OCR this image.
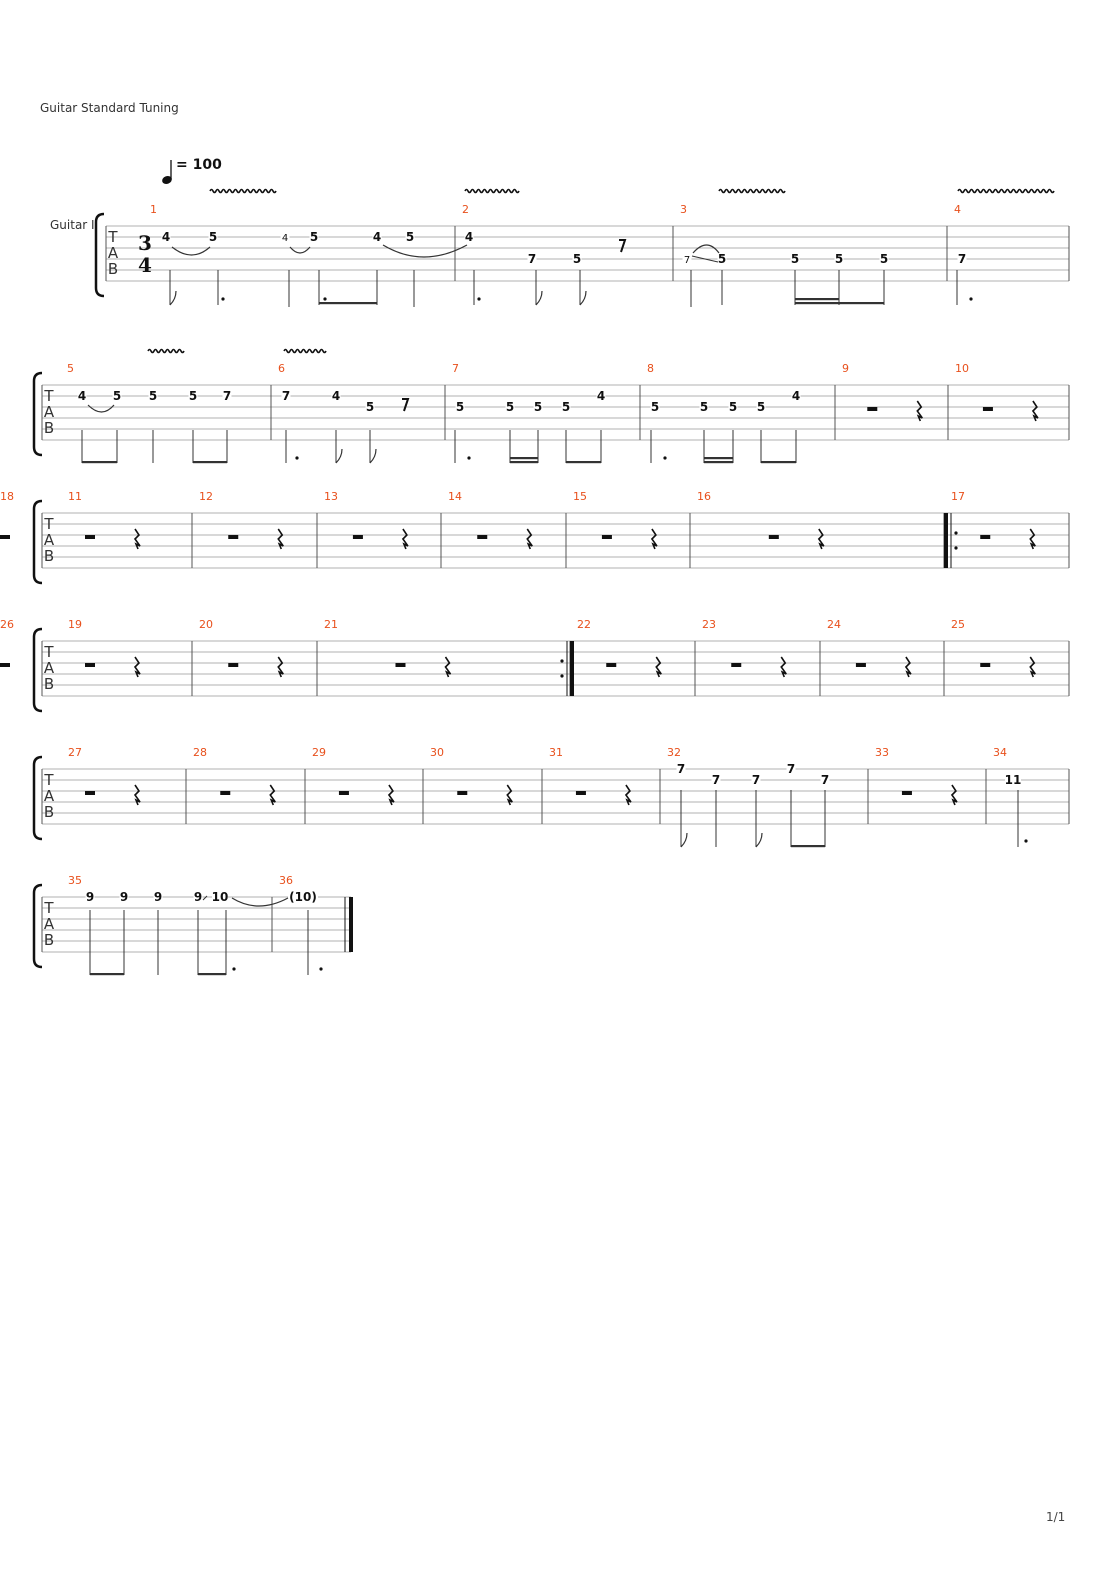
Guitar Standard Tuning
T
A
B
1	2	3	4
T
A
B
5	6	7	8	9	10
T
A
B
11	12	13	14	15	16	17
18
T
A
B
19	20	21	22	23	24	25
26
T
A
B
27	28	29	30	31	32	33	34
T
A
B
35	36
Guitar I
3
4
= 100
4	5	4 5	4 5	4
7	5	7 5	5	5	5	7
4 5 5	5 7	7	4
5	5	5 5 5
4
5	5 5 5
4
7
7	7
7
7	11
9 9 9	9 10	(10)
1/1
